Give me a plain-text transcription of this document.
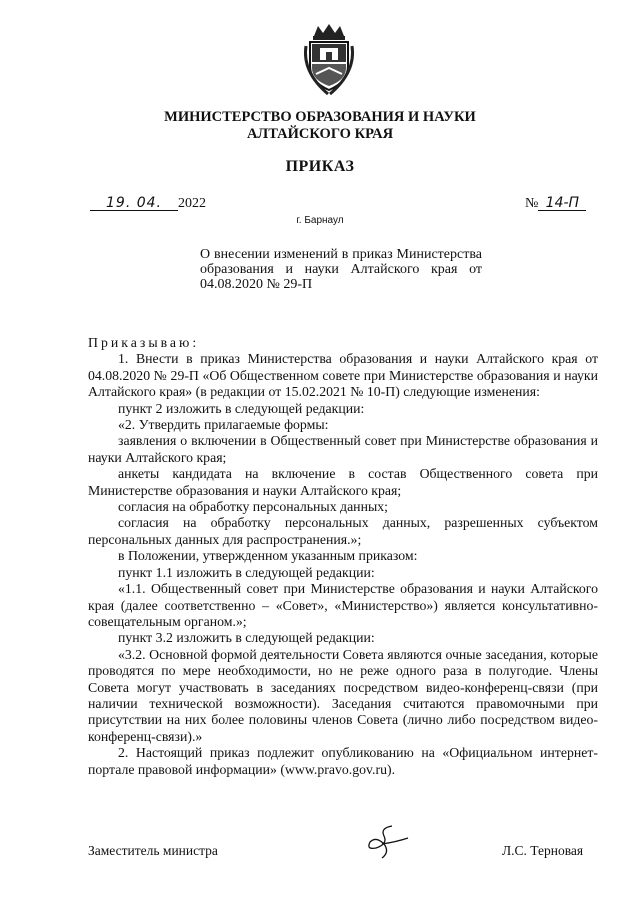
МИНИСТЕРСТВО ОБРАЗОВАНИЯ И НАУКИ
АЛТАЙСКОГО КРАЯ
ПРИКАЗ
19. 04. 2022	№ 14-П
г. Барнаул
О внесении изменений в приказ Министерства образования и науки Алтайского края от 04.08.2020 № 29-П

Приказываю:

1. Внести в приказ Министерства образования и науки Алтайского края от 04.08.2020 № 29-П «Об Общественном совете при Министерстве образования и науки Алтайского края» (в редакции от 15.02.2021 № 10-П) следующие изменения:

пункт 2 изложить в следующей редакции:

«2. Утвердить прилагаемые формы:

заявления о включении в Общественный совет при Министерстве образования и науки Алтайского края;

анкеты кандидата на включение в состав Общественного совета при Министерстве образования и науки Алтайского края;

согласия на обработку персональных данных;

согласия на обработку персональных данных, разрешенных субъектом персональных данных для распространения.»;

в Положении, утвержденном указанным приказом:

пункт 1.1 изложить в следующей редакции:

«1.1. Общественный совет при Министерстве образования и науки Алтайского края (далее соответственно – «Совет», «Министерство») является консультативно-совещательным органом.»;

пункт 3.2 изложить в следующей редакции:

«3.2. Основной формой деятельности Совета являются очные заседания, которые проводятся по мере необходимости, но не реже одного раза в полугодие. Члены Совета могут участвовать в заседаниях посредством видео-конференц-связи (при наличии технической возможности). Заседания считаются правомочными при присутствии на них более половины членов Совета (лично либо посредством видео-конференц-связи).»

2. Настоящий приказ подлежит опубликованию на «Официальном интернет-портале правовой информации» (www.pravo.gov.ru).

Заместитель министра	Л.С. Терновая
